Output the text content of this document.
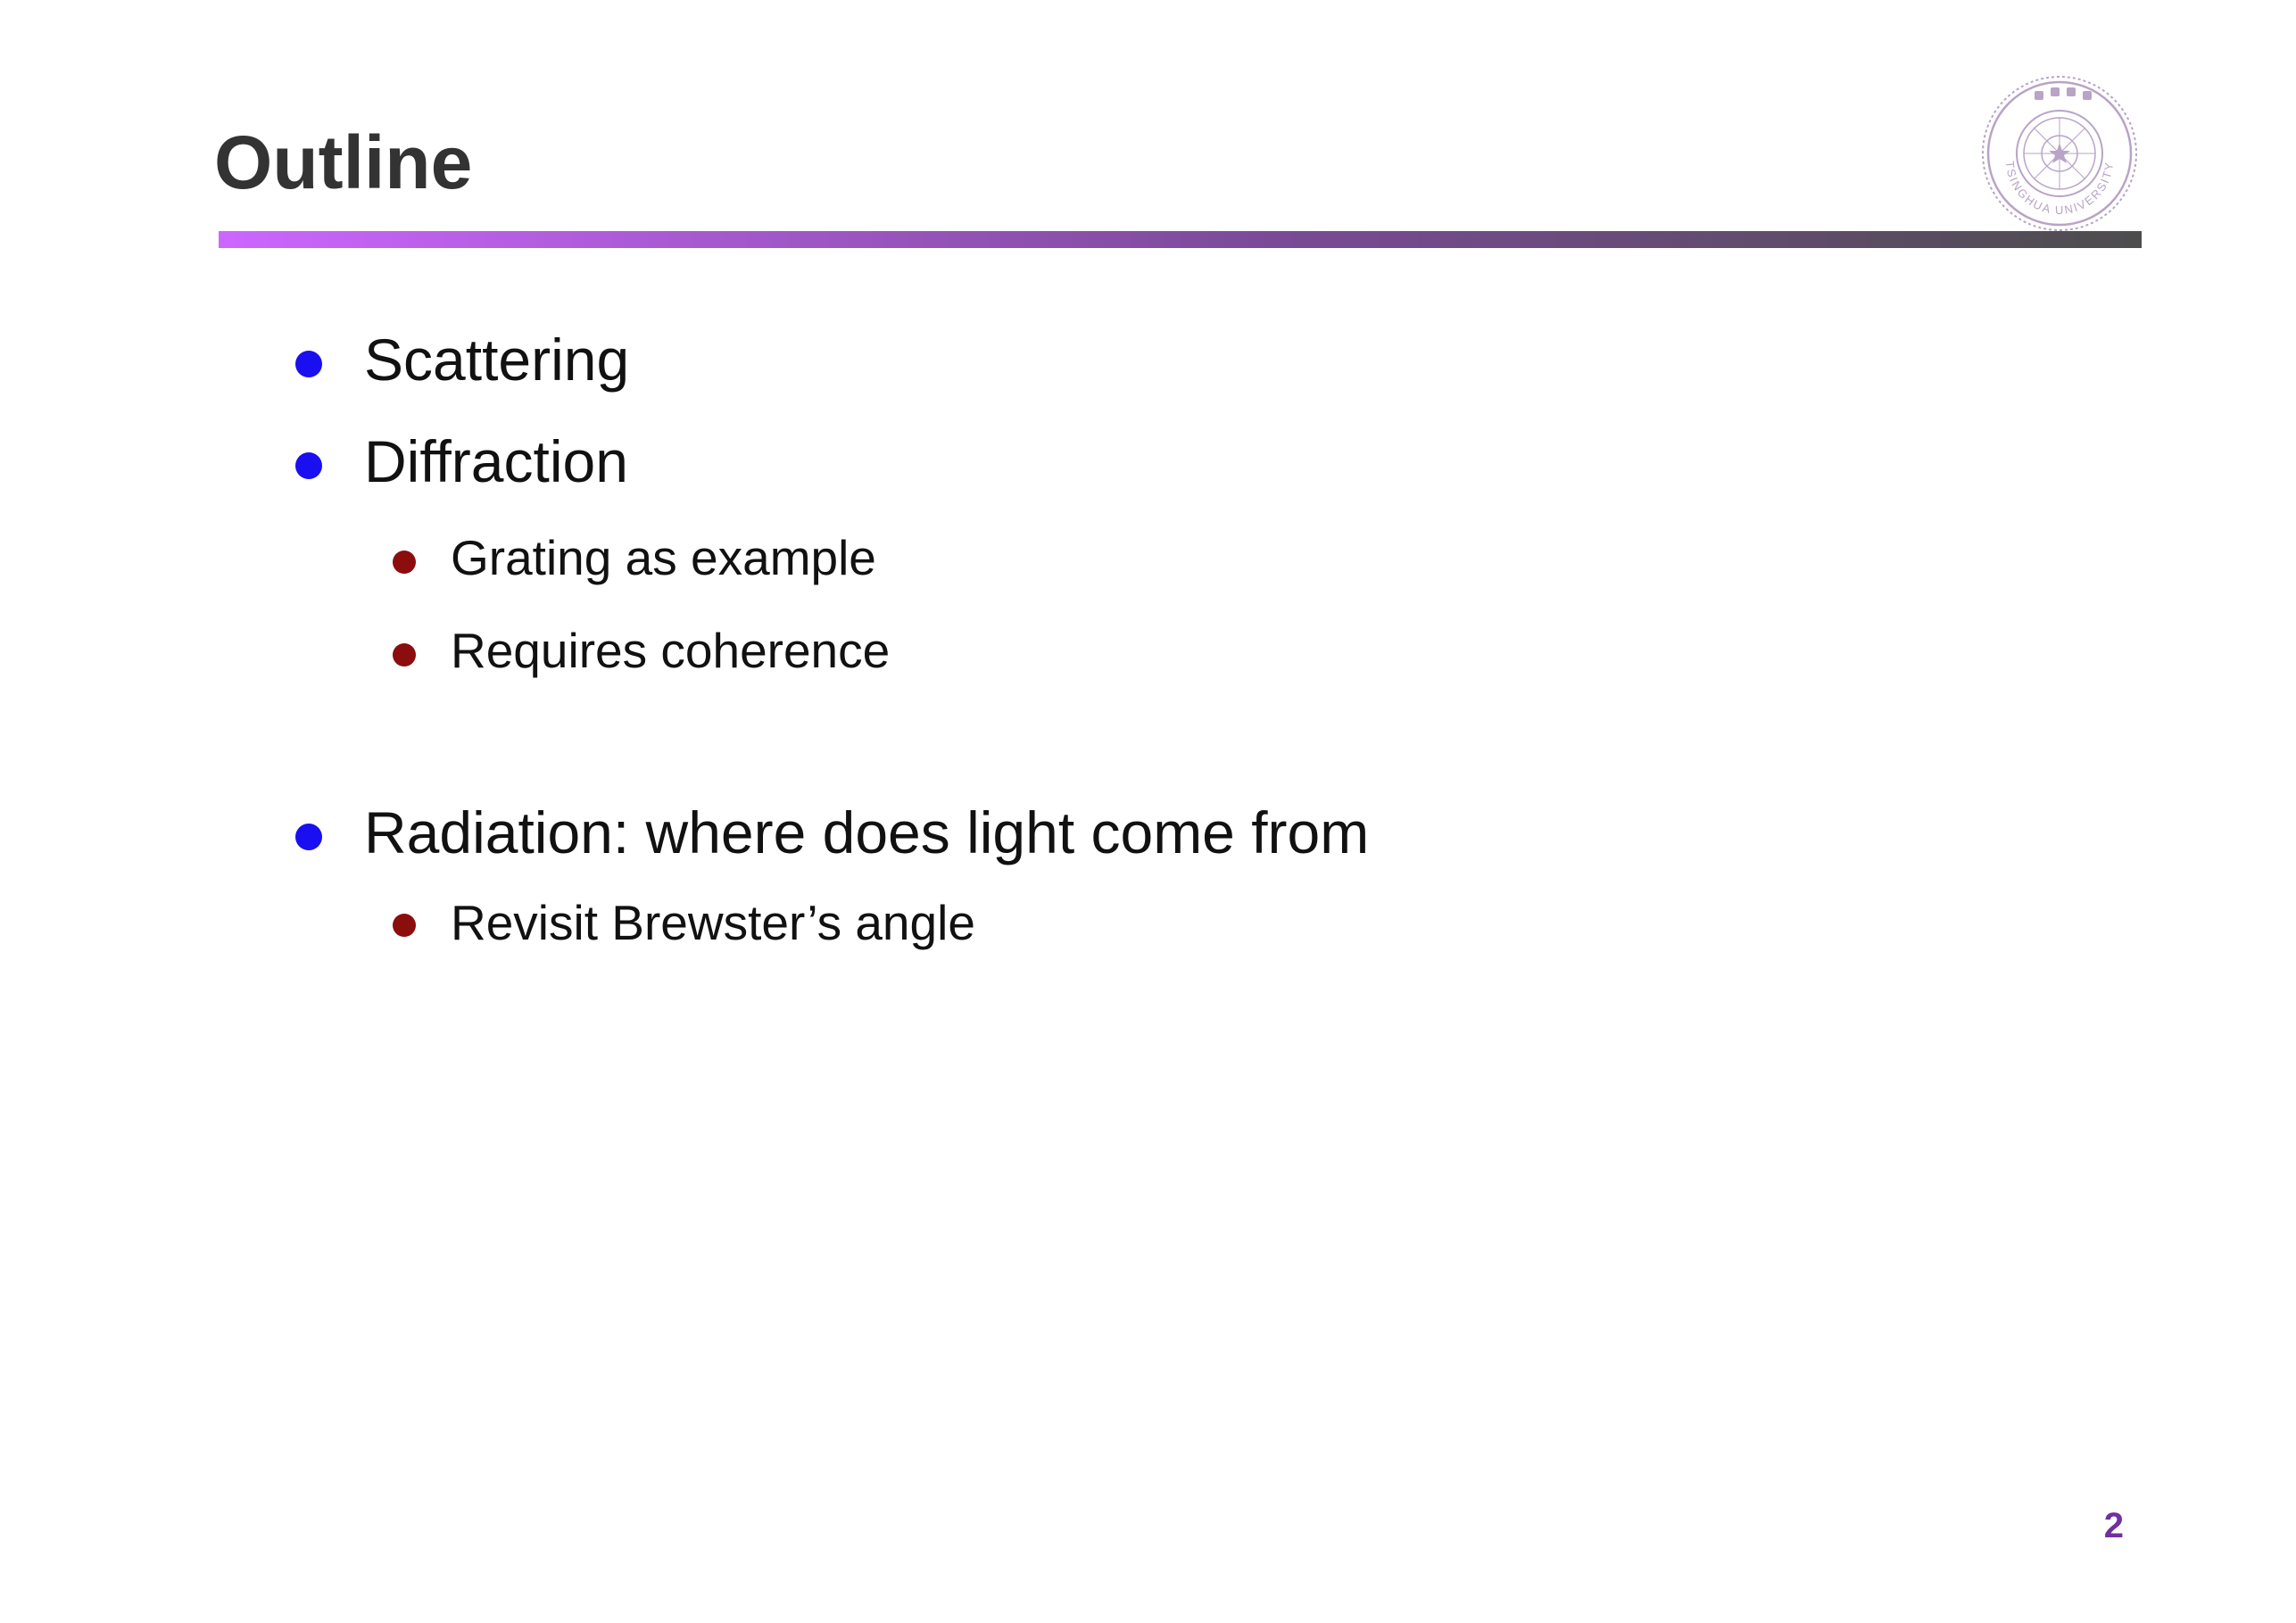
Outline	TSINGHUA UNIVERSITY
Scattering
Diffraction
Grating as example
Requires coherence
Radiation: where does light come from
Revisit Brewster’s angle
2
